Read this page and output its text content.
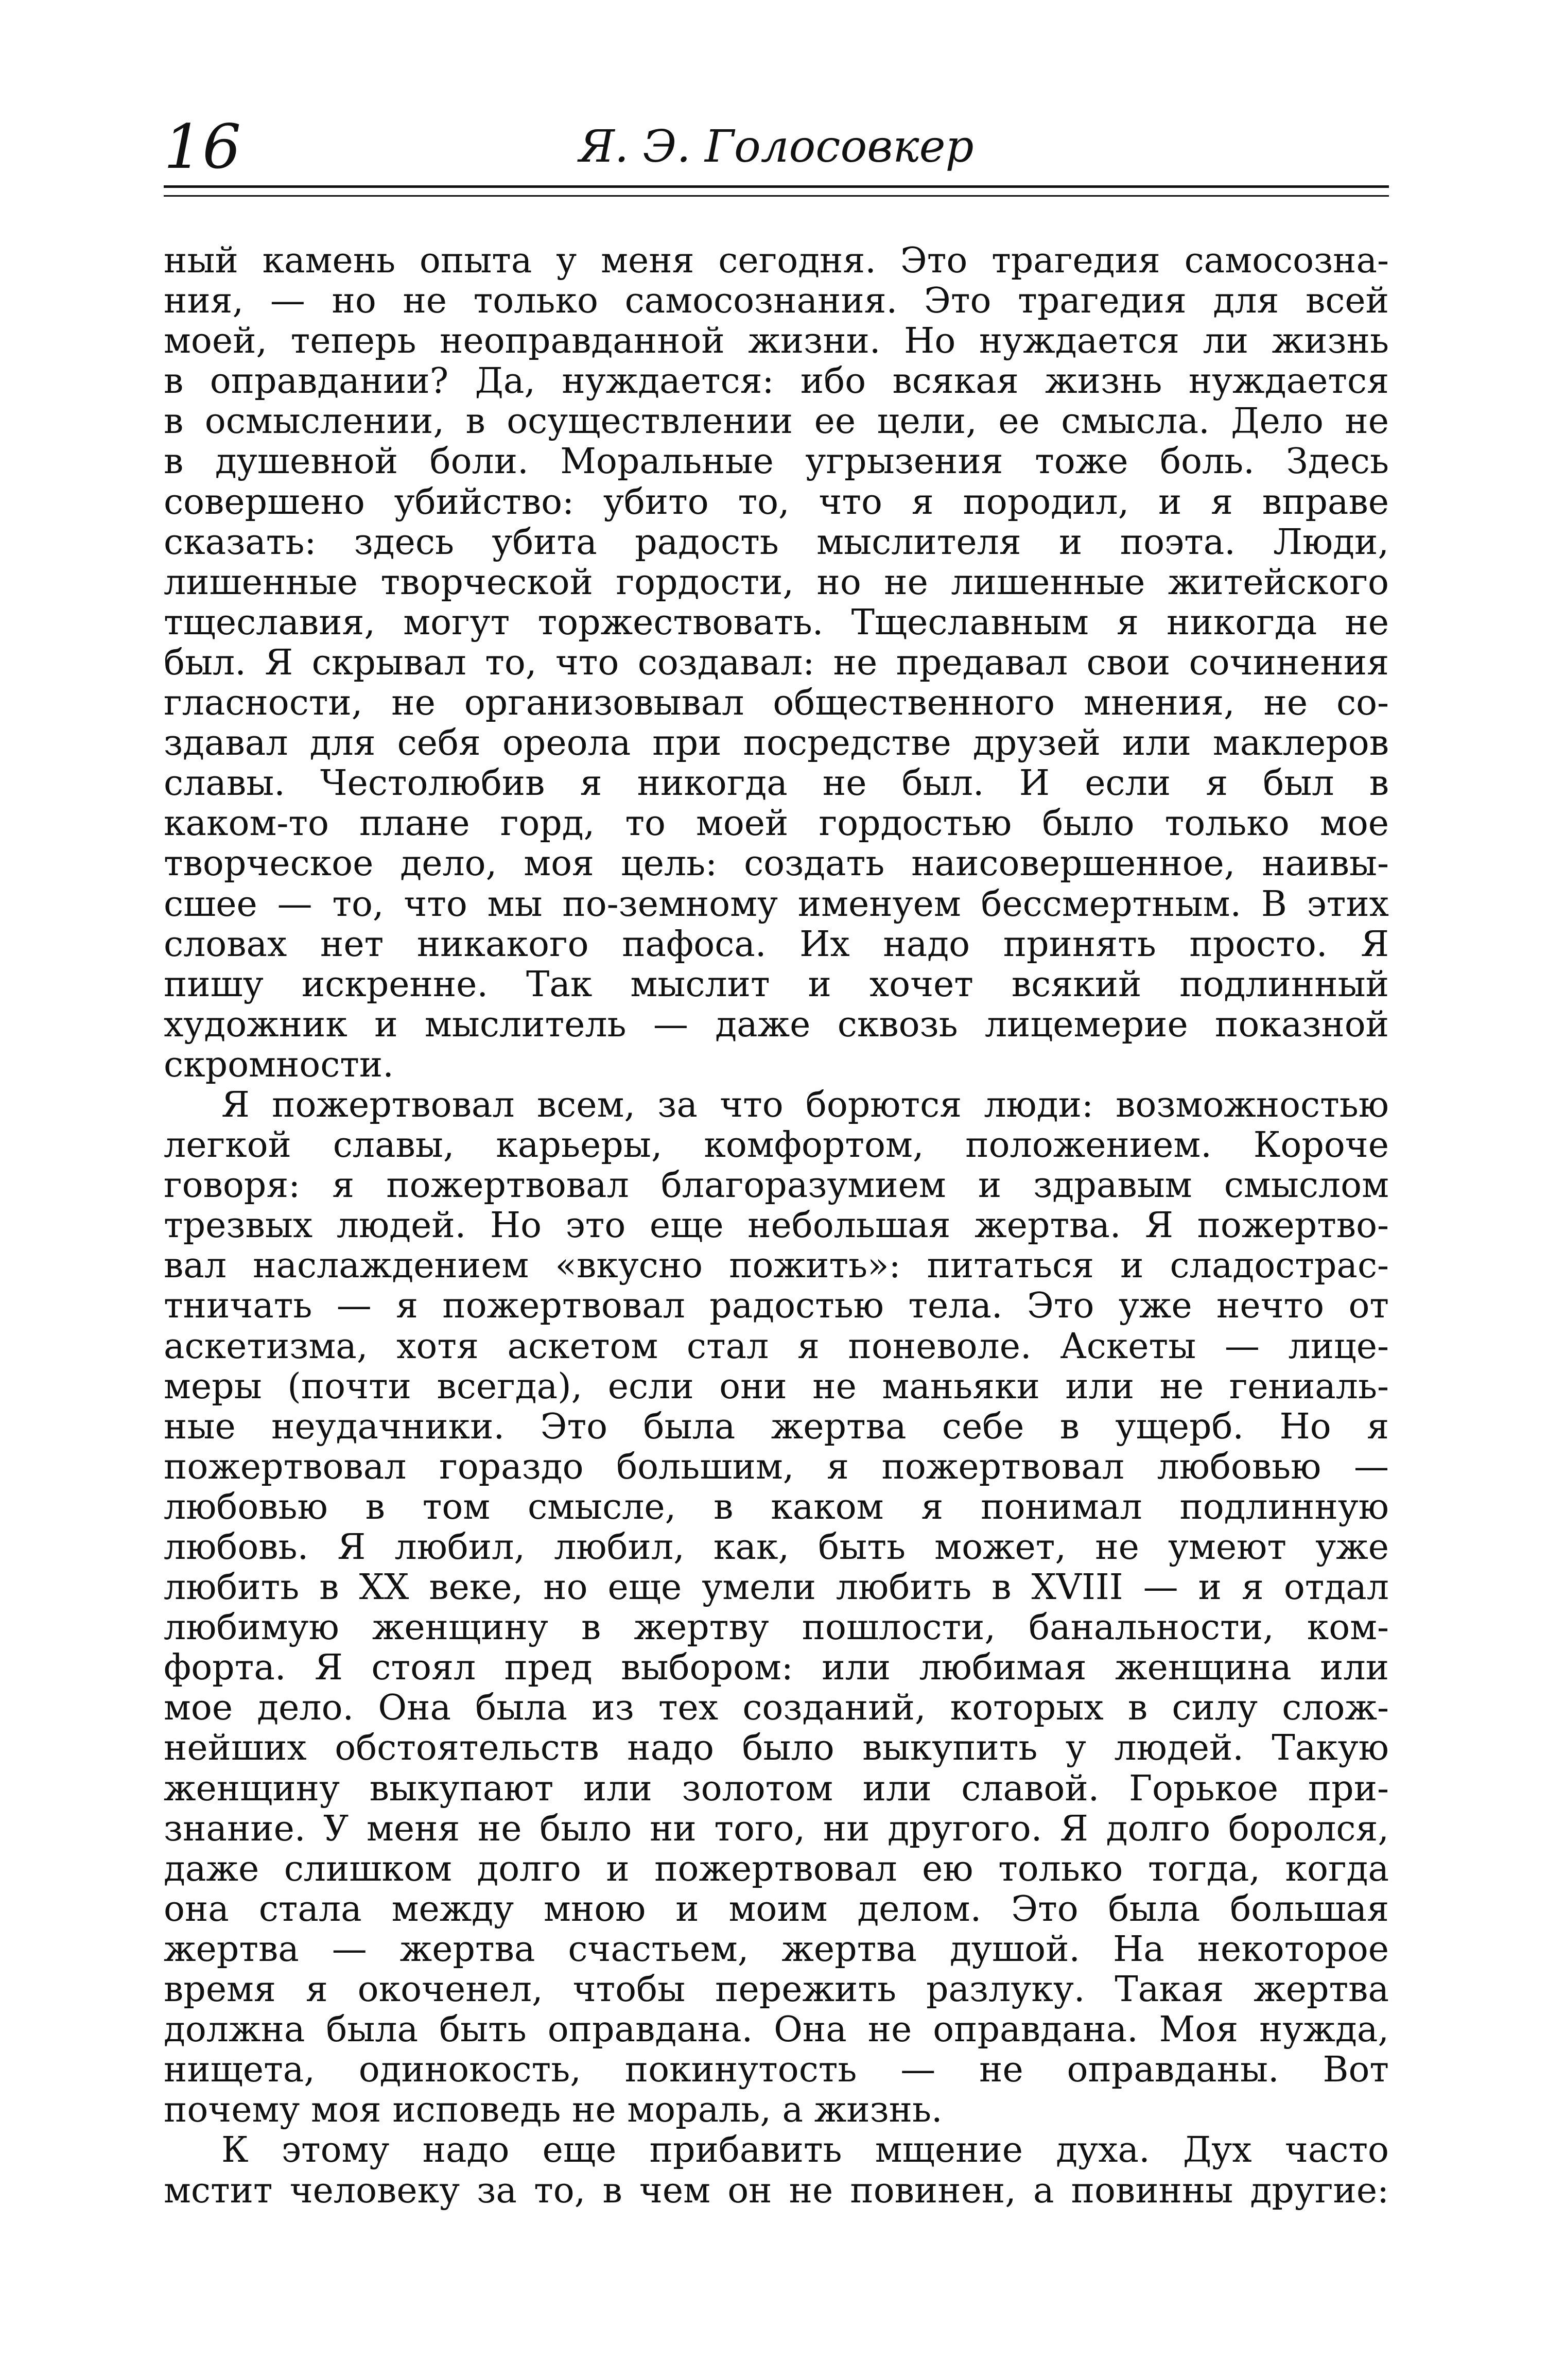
16	Я. Э. Голосовкер
ный камень опыта у меня сегодня. Это трагедия самосозна-
ния, — но не только самосознания. Это трагедия для всей
моей, теперь неоправданной жизни. Но нуждается ли жизнь
в оправдании? Да, нуждается: ибо всякая жизнь нуждается
в осмыслении, в осуществлении ее цели, ее смысла. Дело не
в душевной боли. Моральные угрызения тоже боль. Здесь
совершено убийство: убито то, что я породил, и я вправе
сказать: здесь убита радость мыслителя и поэта. Люди,
лишенные творческой гордости, но не лишенные житейского
тщеславия, могут торжествовать. Тщеславным я никогда не
был. Я скрывал то, что создавал: не предавал свои сочинения
гласности, не организовывал общественного мнения, не со-
здавал для себя ореола при посредстве друзей или маклеров
славы. Честолюбив я никогда не был. И если я был в
каком-то плане горд, то моей гордостью было только мое
творческое дело, моя цель: создать наисовершенное, наивы-
сшее — то, что мы по-земному именуем бессмертным. В этих
словах нет никакого пафоса. Их надо принять просто. Я
пишу искренне. Так мыслит и хочет всякий подлинный
художник и мыслитель — даже сквозь лицемерие показной
скромности.
Я пожертвовал всем, за что борются люди: возможностью
легкой славы, карьеры, комфортом, положением. Короче
говоря: я пожертвовал благоразумием и здравым смыслом
трезвых людей. Но это еще небольшая жертва. Я пожертво-
вал наслаждением «вкусно пожить»: питаться и сладострас-
тничать — я пожертвовал радостью тела. Это уже нечто от
аскетизма, хотя аскетом стал я поневоле. Аскеты — лице-
меры (почти всегда), если они не маньяки или не гениаль-
ные неудачники. Это была жертва себе в ущерб. Но я
пожертвовал гораздо большим, я пожертвовал любовью —
любовью в том смысле, в каком я понимал подлинную
любовь. Я любил, любил, как, быть может, не умеют уже
любить в XX веке, но еще умели любить в XVIII — и я отдал
любимую женщину в жертву пошлости, банальности, ком-
форта. Я стоял пред выбором: или любимая женщина или
мое дело. Она была из тех созданий, которых в силу слож-
нейших обстоятельств надо было выкупить у людей. Такую
женщину выкупают или золотом или славой. Горькое при-
знание. У меня не было ни того, ни другого. Я долго боролся,
даже слишком долго и пожертвовал ею только тогда, когда
она стала между мною и моим делом. Это была большая
жертва — жертва счастьем, жертва душой. На некоторое
время я окоченел, чтобы пережить разлуку. Такая жертва
должна была быть оправдана. Она не оправдана. Моя нужда,
нищета, одинокость, покинутость — не оправданы. Вот
почему моя исповедь не мораль, а жизнь.
К этому надо еще прибавить мщение духа. Дух часто
мстит человеку за то, в чем он не повинен, а повинны другие:
